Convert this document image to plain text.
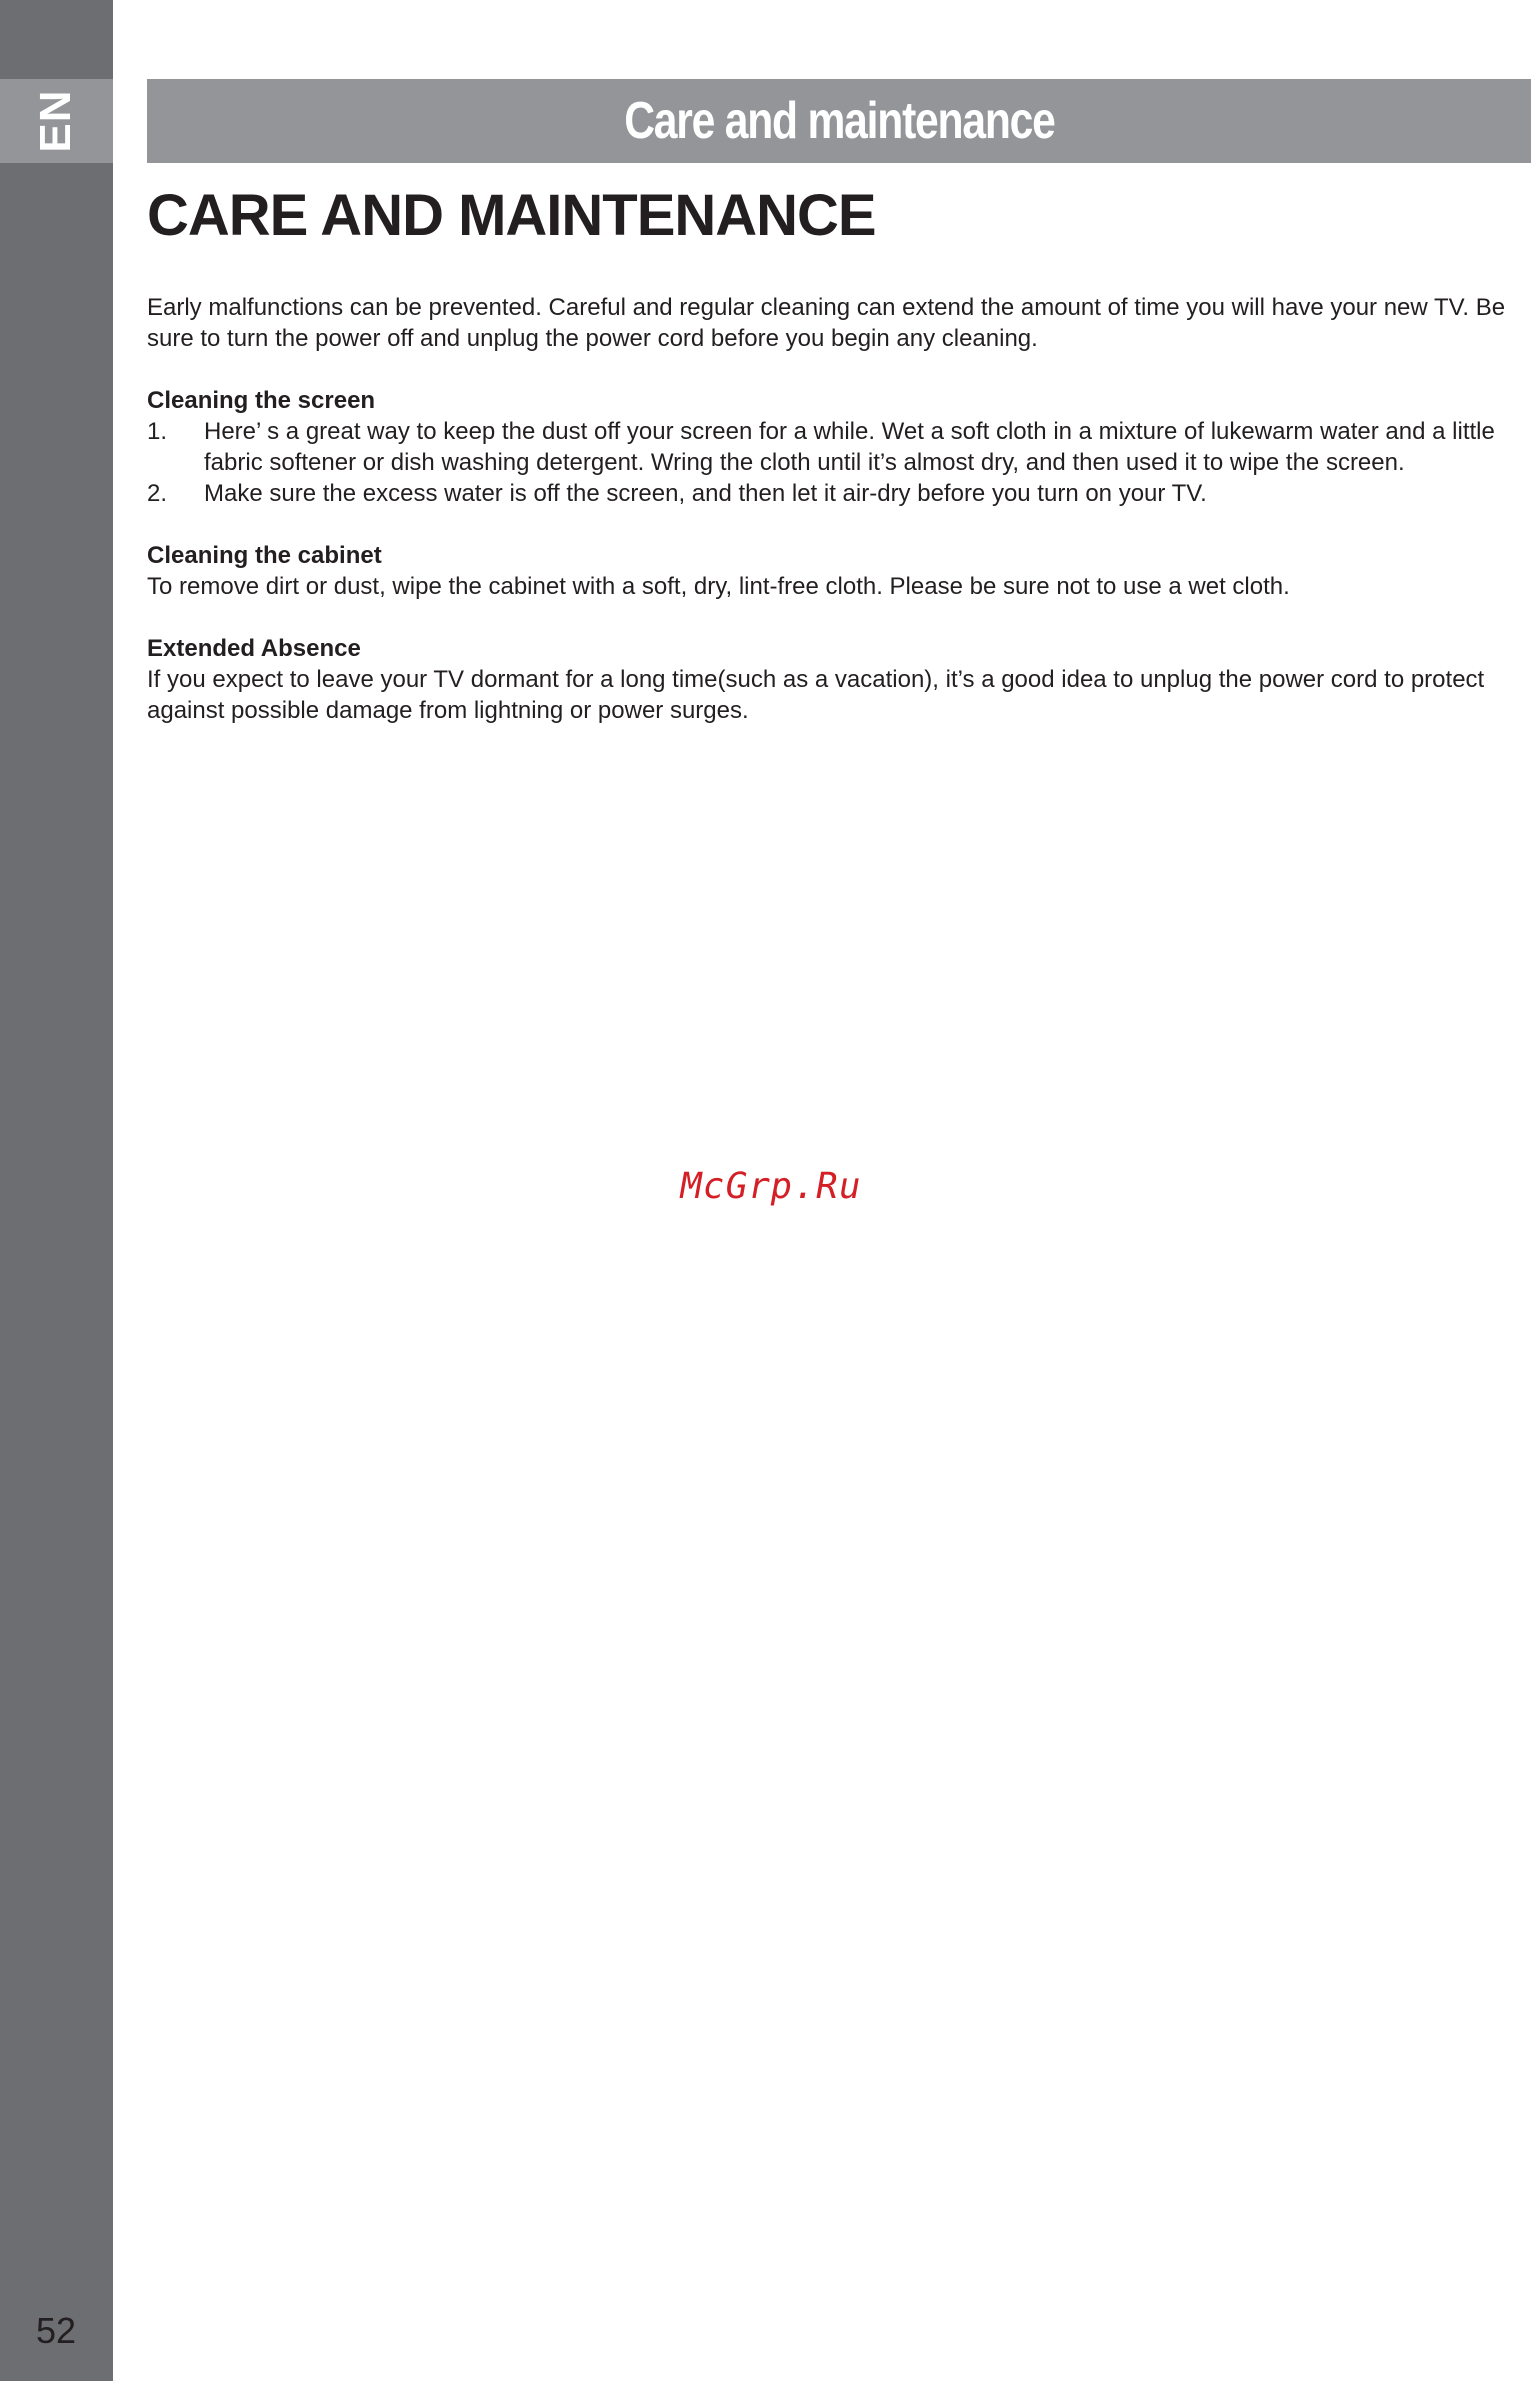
EN
52
Care and maintenance
CARE AND MAINTENANCE

Early malfunctions can be prevented. Careful and regular cleaning can extend the amount of time you will have your new TV. Be sure to turn the power off and unplug the power cord before you begin any cleaning.

Cleaning the screen
1.	Here’ s a great way to keep the dust off your screen for a while. Wet a soft cloth in a mixture of lukewarm water and a little fabric softener or dish washing detergent. Wring the cloth until it’s almost dry, and then used it to wipe the screen.
2.	Make sure the excess water is off the screen, and then let it air-dry before you turn on your TV.
Cleaning the cabinet

To remove dirt or dust, wipe the cabinet with a soft, dry, lint-free cloth. Please be sure not to use a wet cloth.

Extended Absence

If you expect to leave your TV dormant for a long time(such as a vacation), it’s a good idea to unplug the power cord to protect against possible damage from lightning or power surges.

McGrp.Ru
